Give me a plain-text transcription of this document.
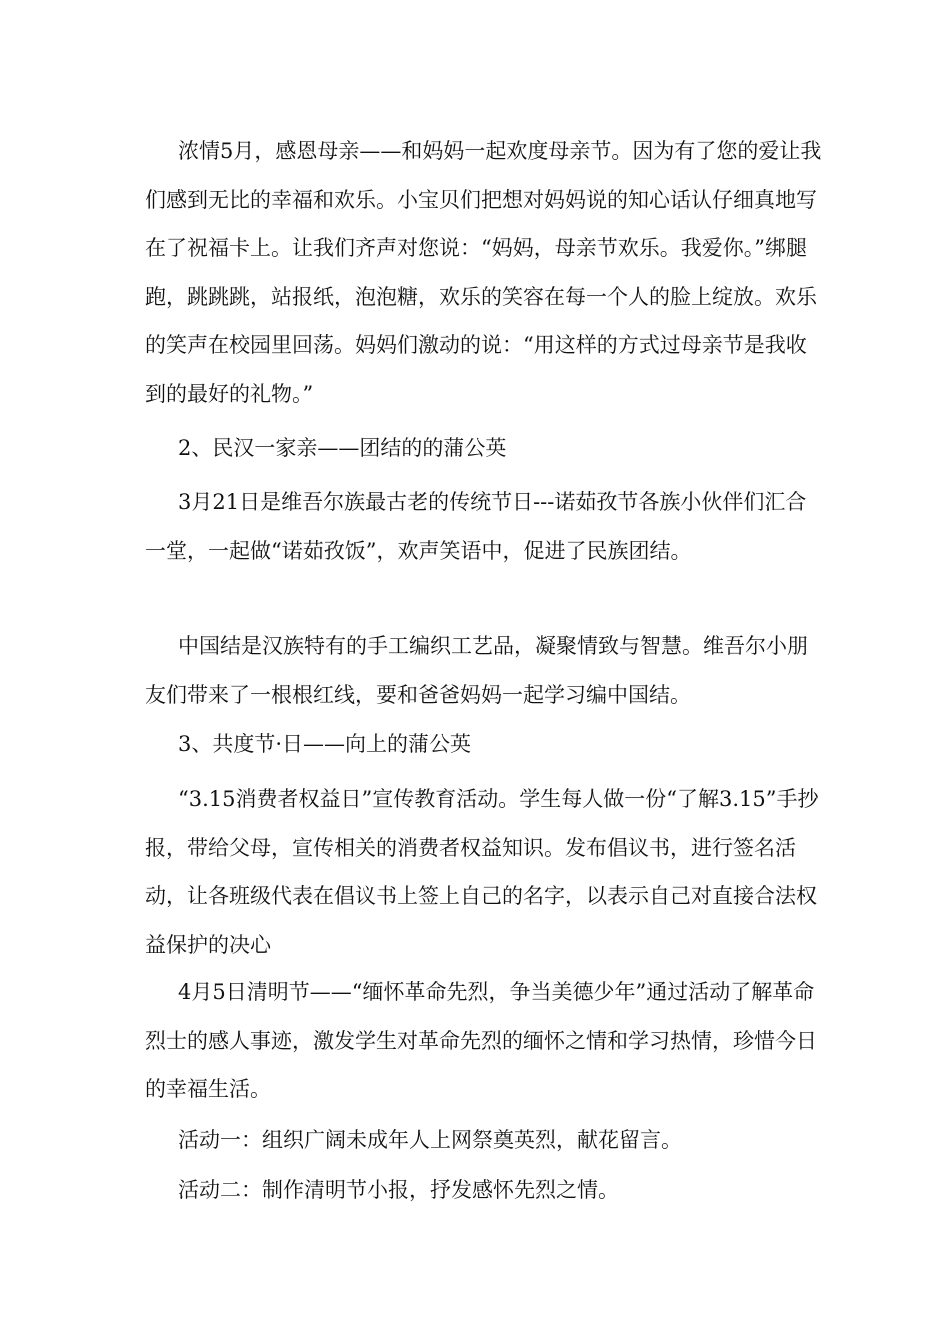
浓情5月，感恩母亲——和妈妈一起欢度母亲节。因为有了您的爱让我们感到无比的幸福和欢乐。小宝贝们把想对妈妈说的知心话认仔细真地写在了祝福卡上。让我们齐声对您说：“妈妈，母亲节欢乐。我爱你。”绑腿跑，跳跳跳，站报纸，泡泡糖，欢乐的笑容在每一个人的脸上绽放。欢乐的笑声在校园里回荡。妈妈们激动的说：“用这样的方式过母亲节是我收到的最好的礼物。”

2、民汉一家亲——团结的的蒲公英

3月21日是维吾尔族最古老的传统节日---诺茹孜节各族小伙伴们汇合一堂，一起做“诺茹孜饭”，欢声笑语中，促进了民族团结。

中国结是汉族特有的手工编织工艺品，凝聚情致与智慧。维吾尔小朋友们带来了一根根红线，要和爸爸妈妈一起学习编中国结。

3、共度节·日——向上的蒲公英

“3.15消费者权益日”宣传教育活动。学生每人做一份“了解3.15”手抄报，带给父母，宣传相关的消费者权益知识。发布倡议书，进行签名活动，让各班级代表在倡议书上签上自己的名字，以表示自己对直接合法权益保护的决心

4月5日清明节——“缅怀革命先烈，争当美德少年”通过活动了解革命烈士的感人事迹，激发学生对革命先烈的缅怀之情和学习热情，珍惜今日的幸福生活。

活动一：组织广阔未成年人上网祭奠英烈，献花留言。

活动二：制作清明节小报，抒发感怀先烈之情。
